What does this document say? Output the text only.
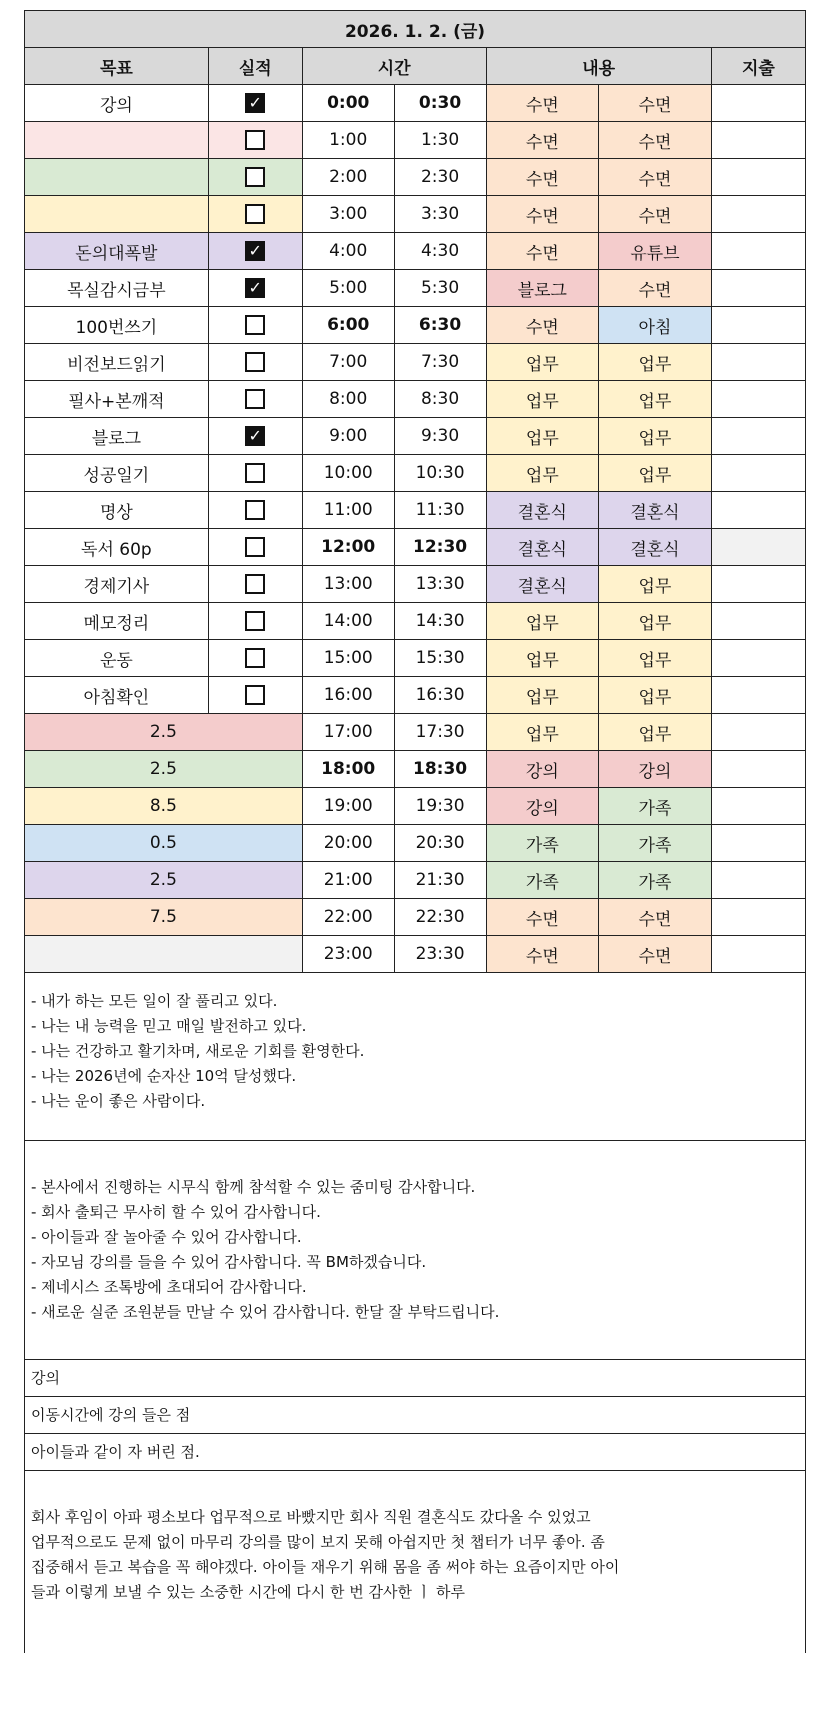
2026. 1. 2. (금)						
목표	실적	시간		내용		지출
강의	✓	0:00	0:30	수면	수면	
		1:00	1:30	수면	수면	
		2:00	2:30	수면	수면	
		3:00	3:30	수면	수면	
돈의대폭발	✓	4:00	4:30	수면	유튜브	
목실감시금부	✓	5:00	5:30	블로그	수면	
100번쓰기		6:00	6:30	수면	아침	
비전보드읽기		7:00	7:30	업무	업무	
필사+본깨적		8:00	8:30	업무	업무	
블로그	✓	9:00	9:30	업무	업무	
성공일기		10:00	10:30	업무	업무	
명상		11:00	11:30	결혼식	결혼식	
독서 60p		12:00	12:30	결혼식	결혼식	
경제기사		13:00	13:30	결혼식	업무	
메모정리		14:00	14:30	업무	업무	
운동		15:00	15:30	업무	업무	
아침확인		16:00	16:30	업무	업무	
2.5		17:00	17:30	업무	업무	
2.5		18:00	18:30	강의	강의	
8.5		19:00	19:30	강의	가족	
0.5		20:00	20:30	가족	가족	
2.5		21:00	21:30	가족	가족	
7.5		22:00	22:30	수면	수면	
		23:00	23:30	수면	수면	
- 내가 하는 모든 일이 잘 풀리고 있다.
- 나는 내 능력을 믿고 매일 발전하고 있다.
- 나는 건강하고 활기차며, 새로운 기회를 환영한다.
- 나는 2026년에 순자산 10억 달성했다.
- 나는 운이 좋은 사람이다.
- 본사에서 진행하는 시무식 함께 참석할 수 있는 줌미팅 감사합니다.
- 회사 출퇴근 무사히 할 수 있어 감사합니다.
- 아이들과 잘 놀아줄 수 있어 감사합니다.
- 자모님 강의를 들을 수 있어 감사합니다. 꼭 BM하겠습니다.
- 제네시스 조톡방에 초대되어 감사합니다.
- 새로운 실준 조원분들 만날 수 있어 감사합니다. 한달 잘 부탁드립니다.
강의
이동시간에 강의 들은 점
아이들과 같이 자 버린 점.
회사 후임이 아파 평소보다 업무적으로 바빴지만 회사 직원 결혼식도 갔다올 수 있었고
업무적으로도 문제 없이 마무리 강의를 많이 보지 못해 아쉽지만 첫 챕터가 너무 좋아. 좀
집중해서 듣고 복습을 꼭 해야겠다. 아이들 재우기 위해 몸을 좀 써야 하는 요즘이지만 아이
들과 이렇게 보낼 수 있는 소중한 시간에 다시 한 번 감사한 ㅣ 하루
